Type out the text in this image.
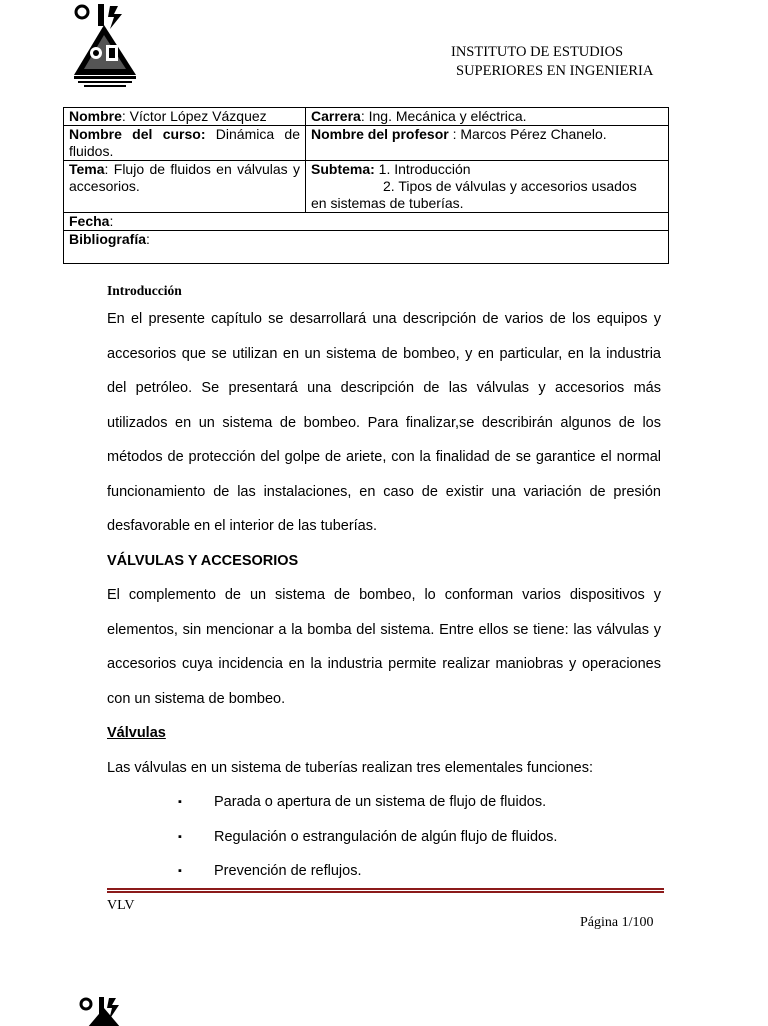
INSTITUTO DE ESTUDIOS
SUPERIORES EN INGENIERIA
Nombre: Víctor López Vázquez	Carrera: Ing. Mecánica y eléctrica.
Nombre del curso: Dinámica de fluidos.	Nombre del profesor : Marcos Pérez Chanelo.
Tema: Flujo de fluidos en válvulas y accesorios.	Subtema: 1. Introducción
2. Tipos de válvulas y accesorios usados
en sistemas de tuberías.

Fecha:	
Bibliografía:	

Introducción

En el presente capítulo se desarrollará una descripción de varios de los equipos y accesorios que se utilizan en un sistema de bombeo, y en particular, en la industria del petróleo. Se presentará una descripción de las válvulas y accesorios más utilizados en un sistema de bombeo. Para finalizar,se describirán algunos de los métodos de protección del golpe de ariete, con la finalidad de se garantice el normal funcionamiento de las instalaciones, en caso de existir una variación de presión desfavorable en el interior de las tuberías.

VÁLVULAS Y ACCESORIOS

El complemento de un sistema de bombeo, lo conforman varios dispositivos y elementos, sin mencionar a la bomba del sistema. Entre ellos se tiene: las válvulas y accesorios cuya incidencia en la industria permite realizar maniobras y operaciones con un sistema de bombeo.

Válvulas

Las válvulas en un sistema de tuberías realizan tres elementales funciones:

▪ Parada o apertura de un sistema de flujo de fluidos.
▪ Regulación o estrangulación de algún flujo de fluidos.
▪ Prevención de reflujos.
VLV
Página 1/100
